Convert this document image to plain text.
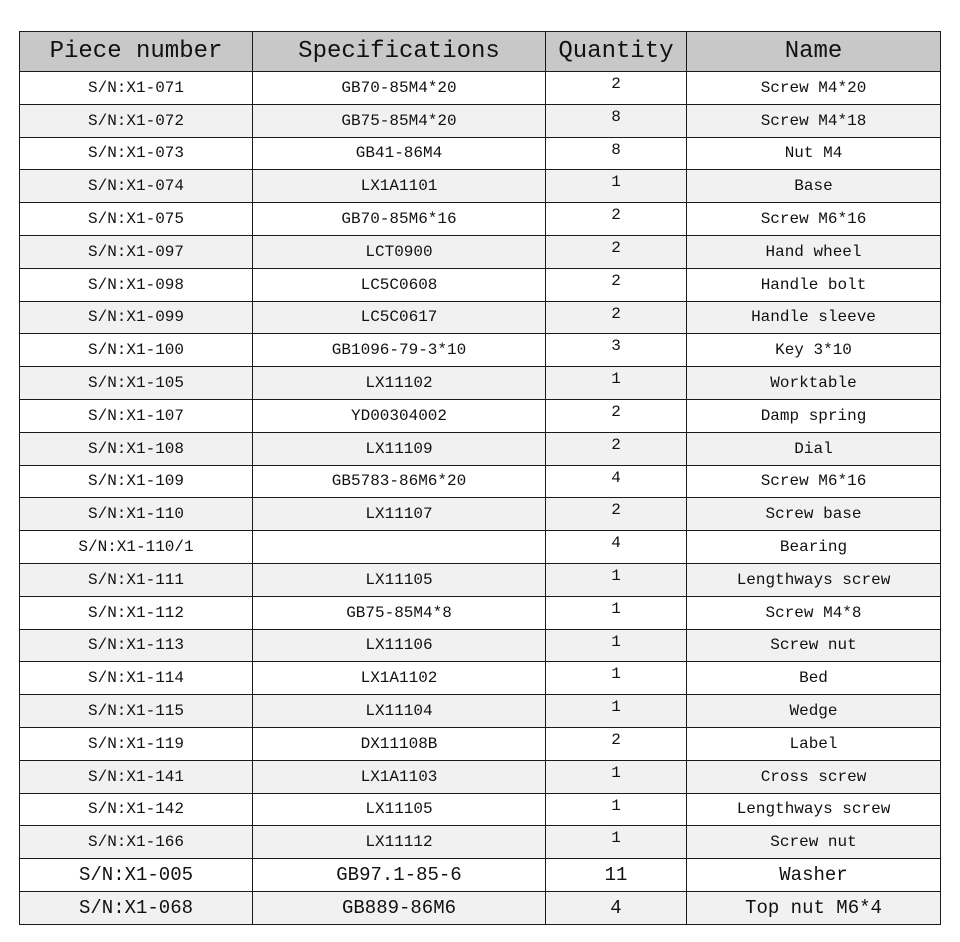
Piece number	Specifications	Quantity	Name
S/N:X1-071	GB70-85M4*20	2	Screw M4*20
S/N:X1-072	GB75-85M4*20	8	Screw M4*18
S/N:X1-073	GB41-86M4	8	Nut M4
S/N:X1-074	LX1A1101	1	Base
S/N:X1-075	GB70-85M6*16	2	Screw M6*16
S/N:X1-097	LCT0900	2	Hand wheel
S/N:X1-098	LC5C0608	2	Handle bolt
S/N:X1-099	LC5C0617	2	Handle sleeve
S/N:X1-100	GB1096-79-3*10	3	Key 3*10
S/N:X1-105	LX11102	1	Worktable
S/N:X1-107	YD00304002	2	Damp spring
S/N:X1-108	LX11109	2	Dial
S/N:X1-109	GB5783-86M6*20	4	Screw M6*16
S/N:X1-110	LX11107	2	Screw base
S/N:X1-110/1		4	Bearing
S/N:X1-111	LX11105	1	Lengthways screw
S/N:X1-112	GB75-85M4*8	1	Screw M4*8
S/N:X1-113	LX11106	1	Screw nut
S/N:X1-114	LX1A1102	1	Bed
S/N:X1-115	LX11104	1	Wedge
S/N:X1-119	DX11108B	2	Label
S/N:X1-141	LX1A1103	1	Cross screw
S/N:X1-142	LX11105	1	Lengthways screw
S/N:X1-166	LX11112	1	Screw nut
S/N:X1-005	GB97.1-85-6	11	Washer
S/N:X1-068	GB889-86M6	4	Top nut M6*4
